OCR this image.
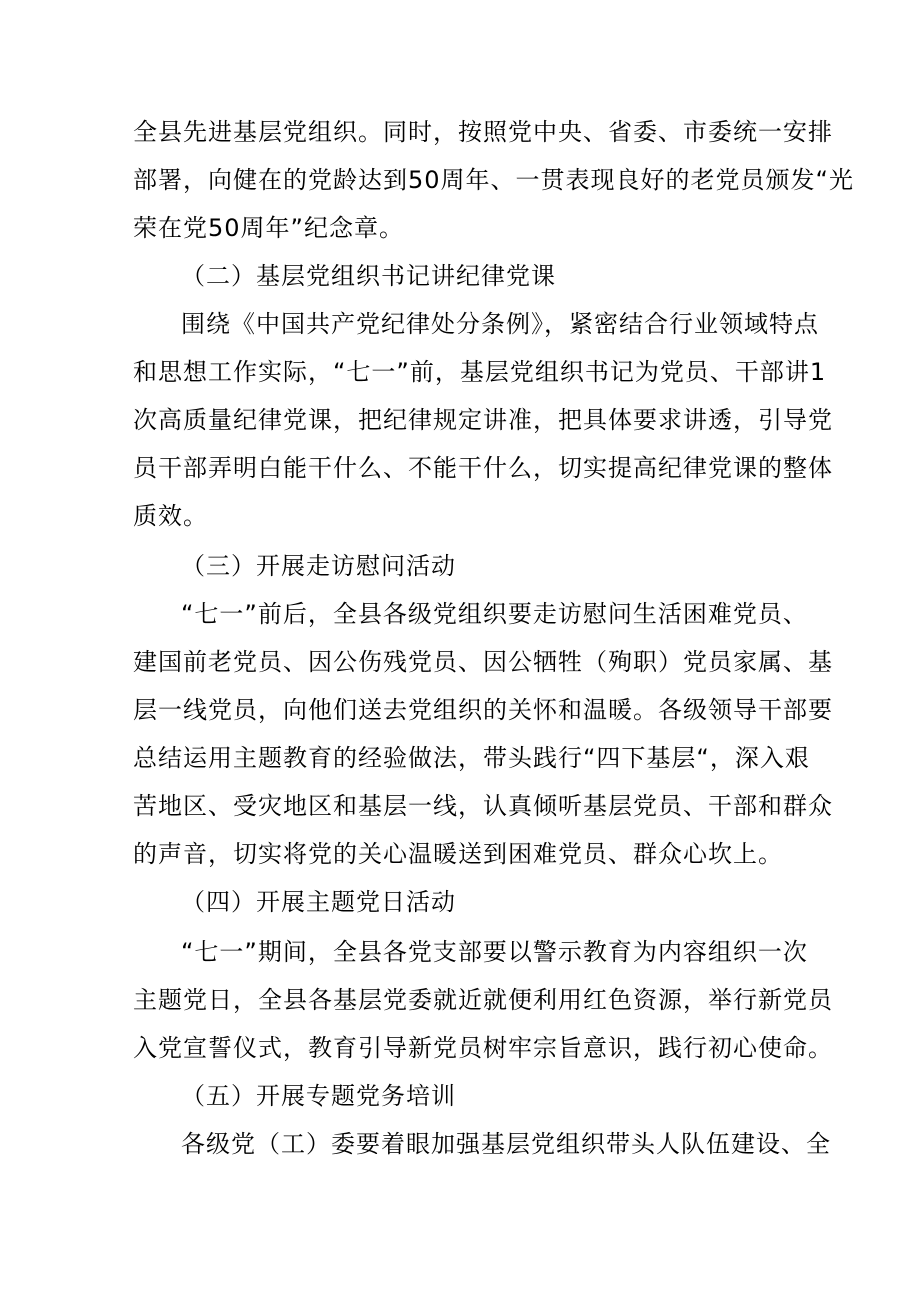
全县先进基层党组织。同时，按照党中央、省委、市委统一安排
部署，向健在的党龄达到50周年、一贯表现良好的老党员颁发“光
荣在党50周年”纪念章。
（二）基层党组织书记讲纪律党课
围绕《中国共产党纪律处分条例》，紧密结合行业领域特点
和思想工作实际，“七一”前，基层党组织书记为党员、干部讲1
次高质量纪律党课，把纪律规定讲准，把具体要求讲透，引导党
员干部弄明白能干什么、不能干什么，切实提高纪律党课的整体
质效。
（三）开展走访慰问活动
“七一”前后，全县各级党组织要走访慰问生活困难党员、
建国前老党员、因公伤残党员、因公牺牲（殉职）党员家属、基
层一线党员，向他们送去党组织的关怀和温暖。各级领导干部要
总结运用主题教育的经验做法，带头践行“四下基层“，深入艰
苦地区、受灾地区和基层一线，认真倾听基层党员、干部和群众
的声音，切实将党的关心温暖送到困难党员、群众心坎上。
（四）开展主题党日活动
“七一”期间，全县各党支部要以警示教育为内容组织一次
主题党日，全县各基层党委就近就便利用红色资源，举行新党员
入党宣誓仪式，教育引导新党员树牢宗旨意识，践行初心使命。
（五）开展专题党务培训
各级党（工）委要着眼加强基层党组织带头人队伍建设、全
